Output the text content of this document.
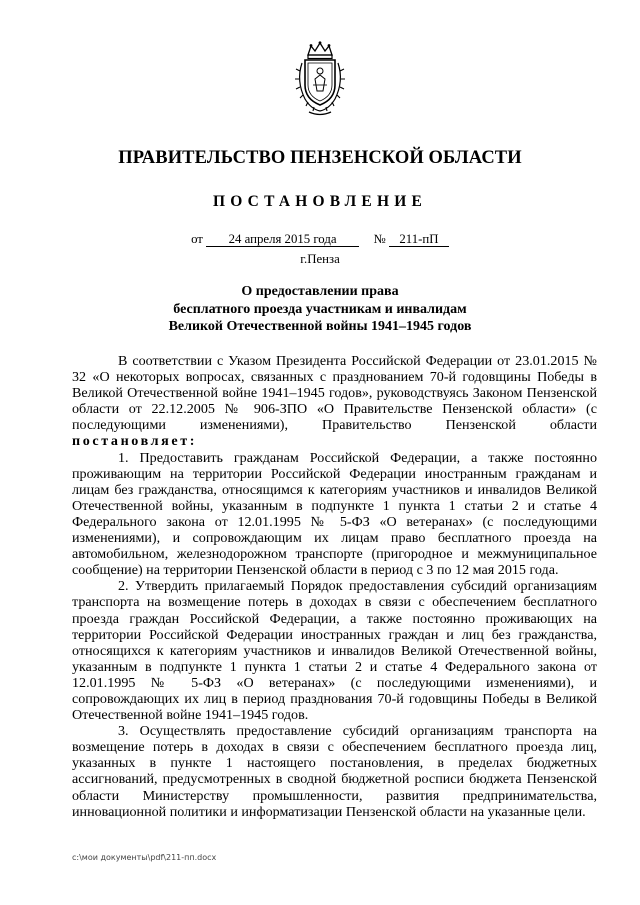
ПРАВИТЕЛЬСТВО ПЕНЗЕНСКОЙ ОБЛАСТИ
ПОСТАНОВЛЕНИЕ
от 24 апреля 2015 года	№ 211-пП
г.Пенза
О предоставлении права
бесплатного проезда участникам и инвалидам
Великой Отечественной войны 1941–1945 годов

В соответствии с Указом Президента Российской Федерации от 23.01.2015 № 32 «О некоторых вопросах, связанных с празднованием 70-й годовщины Победы в Великой Отечественной войне 1941–1945 годов», руководствуясь Законом Пензенской области от 22.12.2005 № 906-ЗПО «О Правительстве Пензенской области» (с последующими изменениями), Правительство Пензенской области постановляет:

1. Предоставить гражданам Российской Федерации, а также постоянно проживающим на территории Российской Федерации иностранным гражданам и лицам без гражданства, относящимся к категориям участников и инвалидов Великой Отечественной войны, указанным в подпункте 1 пункта 1 статьи 2 и статье 4 Федерального закона от 12.01.1995 № 5-ФЗ «О ветеранах» (с последующими изменениями), и сопровождающим их лицам право бесплатного проезда на автомобильном, железнодорожном транспорте (пригородное и межмуниципальное сообщение) на территории Пензенской области в период с 3 по 12 мая 2015 года.

2. Утвердить прилагаемый Порядок предоставления субсидий организациям транспорта на возмещение потерь в доходах в связи с обеспечением бесплатного проезда граждан Российской Федерации, а также постоянно проживающих на территории Российской Федерации иностранных граждан и лиц без гражданства, относящихся к категориям участников и инвалидов Великой Отечественной войны, указанным в подпункте 1 пункта 1 статьи 2 и статье 4 Федерального закона от 12.01.1995 № 5-ФЗ «О ветеранах» (с последующими изменениями), и сопровождающих их лиц в период празднования 70-й годовщины Победы в Великой Отечественной войне 1941–1945 годов.

3. Осуществлять предоставление субсидий организациям транспорта на возмещение потерь в доходах в связи с обеспечением бесплатного проезда лиц, указанных в пункте 1 настоящего постановления, в пределах бюджетных ассигнований, предусмотренных в сводной бюджетной росписи бюджета Пензенской области Министерству промышленности, развития предпринимательства, инновационной политики и информатизации Пензенской области на указанные цели.

c:\мои документы\pdf\211-пп.docx
